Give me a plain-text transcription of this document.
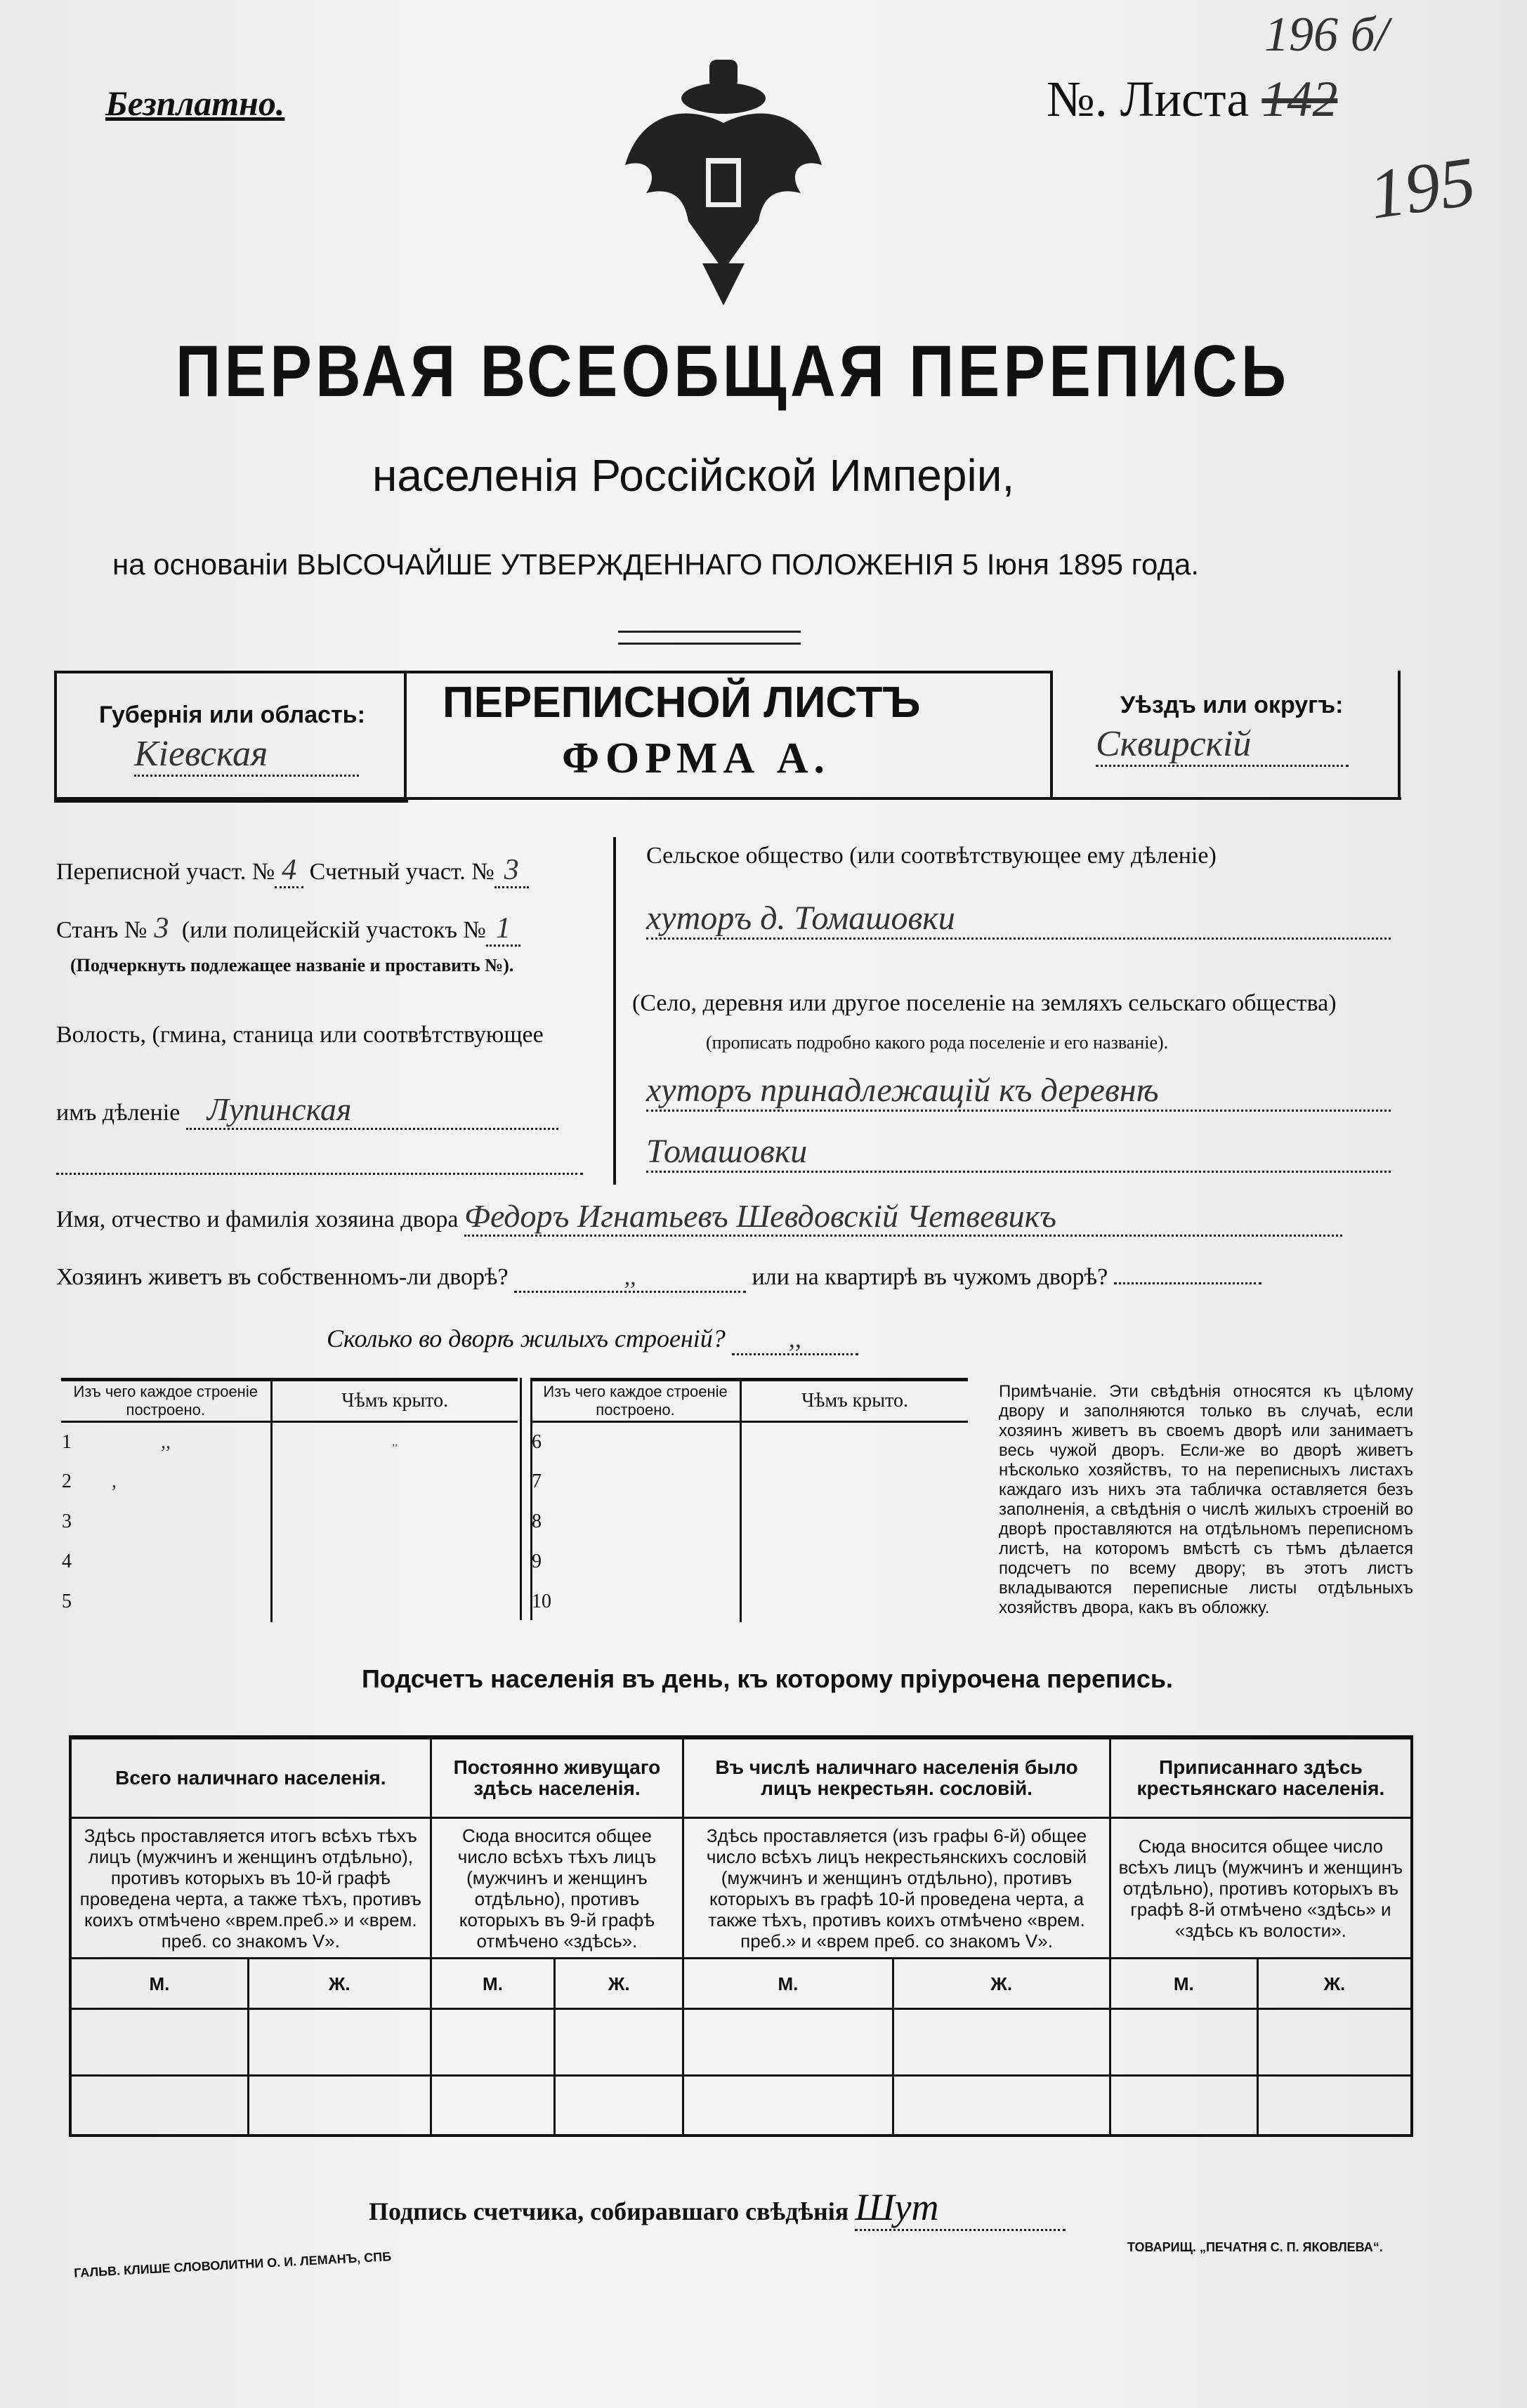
Безплатно.	№. Листа 142
196 б/
195
ПЕРВАЯ ВСЕОБЩАЯ ПЕРЕПИСЬ
населенія Россійской Имперіи,
на основаніи ВЫСОЧАЙШЕ УТВЕРЖДЕННАГО ПОЛОЖЕНІЯ 5 Іюня 1895 года.
Губернія или область:
Кіевская
ПЕРЕПИСНОЙ ЛИСТЪ
ФОРМА А.
Уѣздъ или округъ:
Сквирскій
Переписной участ. № 4 Счетный участ. № 3
Станъ № 3 (или полицейскій участокъ № 1
(Подчеркнуть подлежащее названіе и проставить №).
Волость, (гмина, станица или соотвѣтствующее
имъ дѣленіе Лупинская
Сельское общество (или соотвѣтствующее ему дѣленіе)
хуторъ д. Томашовки
(Село, деревня или другое поселеніе на земляхъ сельскаго общества)
(прописать подробно какого рода поселеніе и его названіе).
хуторъ принадлежащій къ деревнѣ
Томашовки
Имя, отчество и фамилія хозяина двора Федоръ Игнатьевъ Шевдовскій Четвевикъ
Хозяинъ живетъ въ собственномъ-ли дворѣ?	,,	или на квартирѣ въ чужомъ дворѣ?
Сколько во дворѣ жилыхъ строеній?	,,
Изъ чего каждое строеніе построено.	Чѣмъ крыто.
1 ,,	,,
2 ,	
3	
4	
5	
Изъ чего каждое строеніе построено.	Чѣмъ крыто.
6	
7	
8	
9	
10	
Примѣчаніе. Эти свѣдѣнія относятся къ цѣлому двору и заполняются только въ случаѣ, если хозяинъ живетъ въ своемъ дворѣ или занимаетъ весь чужой дворъ. Если-же во дворѣ живетъ нѣсколько хозяйствъ, то на переписныхъ листахъ каждаго изъ нихъ эта табличка оставляется безъ заполненія, а свѣдѣнія о числѣ жилыхъ строеній во дворѣ проставляются на отдѣльномъ переписномъ листѣ, на которомъ вмѣстѣ съ тѣмъ дѣлается подсчетъ по всему двору; въ этотъ листъ вкладываются переписные листы отдѣльныхъ хозяйствъ двора, какъ въ обложку.
Подсчетъ населенія въ день, къ которому пріурочена перепись.
Всего наличнаго населенія.		Постоянно живущаго здѣсь населенія.		Въ числѣ наличнаго населенія было лицъ некрестьян. сословій.		Приписаннаго здѣсь крестьянскаго населенія.	
Здѣсь проставляется итогъ всѣхъ тѣхъ лицъ (мужчинъ и женщинъ отдѣльно), противъ которыхъ въ 10-й графѣ проведена черта, а также тѣхъ, противъ коихъ отмѣчено «врем.преб.» и «врем. преб. со знакомъ V».		Сюда вносится общее число всѣхъ тѣхъ лицъ (мужчинъ и женщинъ отдѣльно), противъ которыхъ въ 9-й графѣ отмѣчено «здѣсь».		Здѣсь проставляется (изъ графы 6-й) общее число всѣхъ лицъ некрестьянскихъ сословій (мужчинъ и женщинъ отдѣльно), противъ которыхъ въ графѣ 10-й проведена черта, а также тѣхъ, противъ коихъ отмѣчено «врем. преб.» и «врем преб. со знакомъ V».		Сюда вносится общее число всѣхъ лицъ (мужчинъ и женщинъ отдѣльно), противъ которыхъ въ графѣ 8-й отмѣчено «здѣсь» и «здѣсь къ волости».	
М.	Ж.	М.	Ж.	М.	Ж.	М.	Ж.

Подпись счетчика, собиравшаго свѣдѣнія Шут
ГАЛЬВ. КЛИШЕ СЛОВОЛИТНИ О. И. ЛЕМАНЪ, СПБ
ТОВАРИЩ. „ПЕЧАТНЯ С. П. ЯКОВЛЕВА“.
